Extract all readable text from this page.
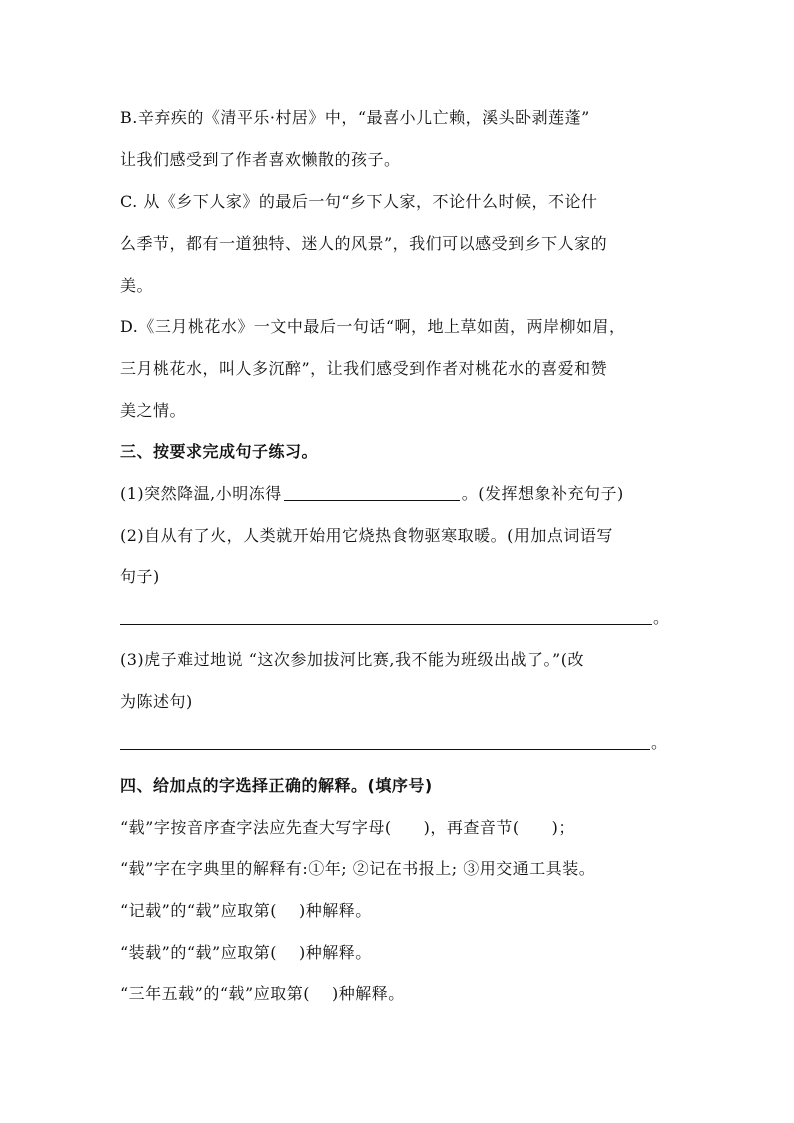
B.辛弃疾的《清平乐·村居》中，“最喜小儿亡赖，溪头卧剥莲蓬”
让我们感受到了作者喜欢懒散的孩子。
C. 从《乡下人家》的最后一句“乡下人家，不论什么时候，不论什
么季节，都有一道独特、迷人的风景”，我们可以感受到乡下人家的
美。
D.《三月桃花水》一文中最后一句话“啊，地上草如茵，两岸柳如眉，
三月桃花水，叫人多沉醉”，让我们感受到作者对桃花水的喜爱和赞
美之情。
三、按要求完成句子练习。
(1)突然降温,小明冻得	。(发挥想象补充句子)
(2)自从有了火，人类就开始用它烧热食物驱寒取暖。(用加点词语写
句子)
。
(3)虎子难过地说 “这次参加拔河比赛,我不能为班级出战了。”(改
为陈述句)
。
四、给加点的字选择正确的解释。(填序号)
“载”字按音序查字法应先查大写字母( )，再查音节( )；
“载”字在字典里的解释有:①年; ②记在书报上; ③用交通工具装。
“记载”的“载”应取第( )种解释。
“装载”的“载”应取第( )种解释。
“三年五载”的“载”应取第( )种解释。
